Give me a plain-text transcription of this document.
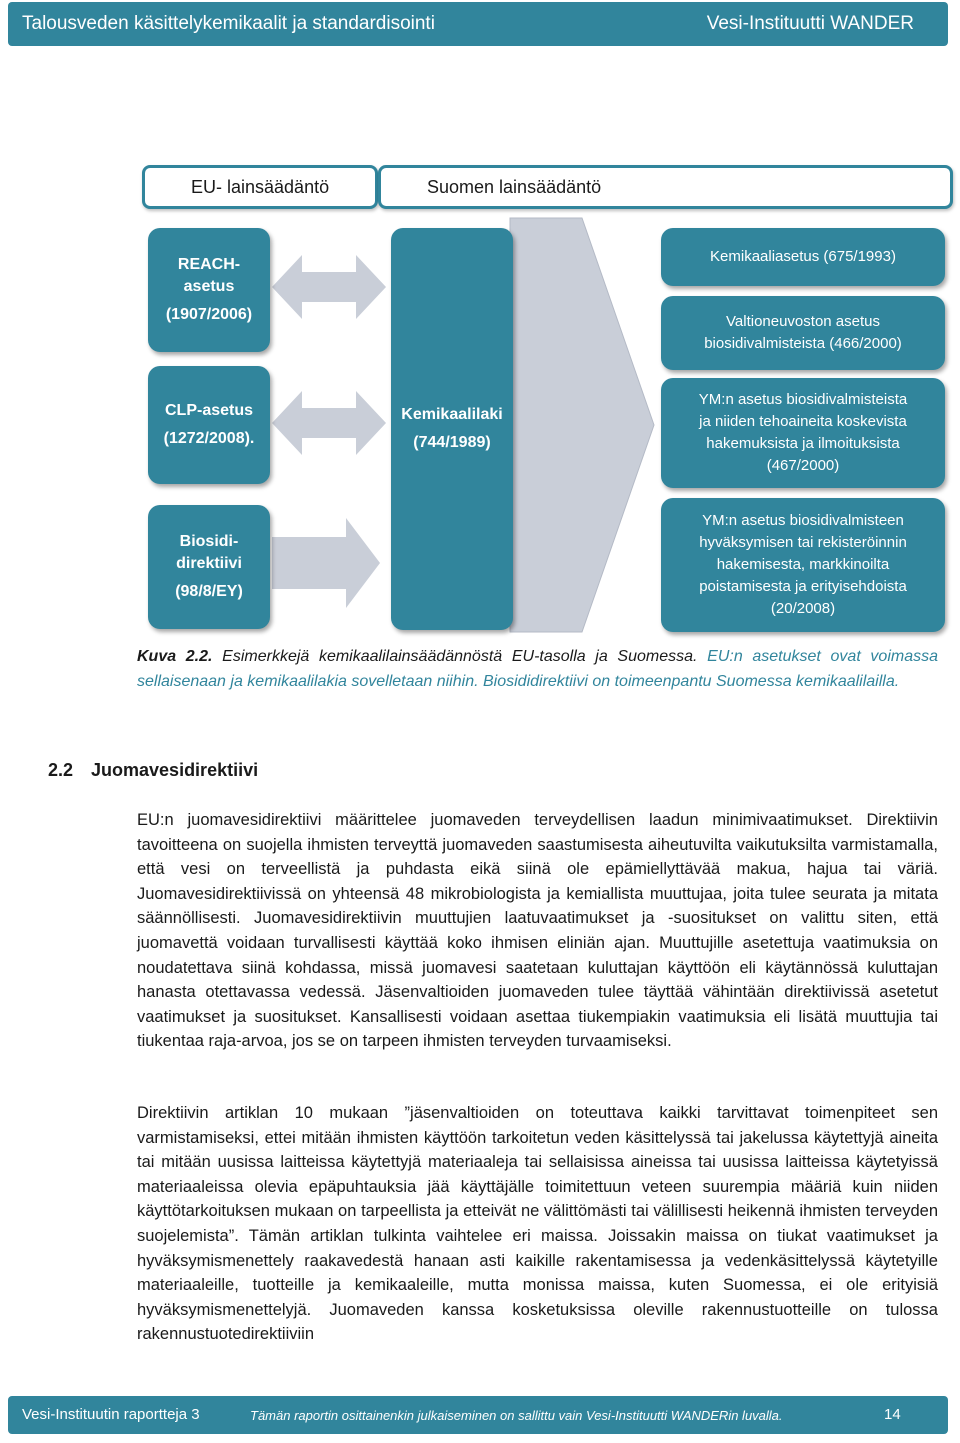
Talousveden käsittelykemikaalit ja standardisointi	Vesi-Instituutti WANDER
EU- lainsäädäntö	Suomen lainsäädäntö
REACH-
asetus
(1907/2006)
CLP-asetus
(1272/2008).
Biosidi-
direktiivi
(98/8/EY)
Kemikaalilaki
(744/1989)
Kemikaaliasetus (675/1993)
Valtioneuvoston asetus
biosidivalmisteista (466/2000)
YM:n asetus biosidivalmisteista
ja niiden tehoaineita koskevista
hakemuksista ja ilmoituksista
(467/2000)
YM:n asetus biosidivalmisteen
hyväksymisen tai rekisteröinnin
hakemisesta, markkinoilta
poistamisesta ja erityisehdoista
(20/2008)

Kuva 2.2. Esimerkkejä kemikaalilainsäädännöstä EU-tasolla ja Suomessa. EU:n asetukset ovat voimassa sellaisenaan ja kemikaalilakia sovelletaan niihin. Biosididirektiivi on toimeenpantu Suomessa kemikaalilailla.

2.2 Juomavesidirektiivi

EU:n juomavesidirektiivi määrittelee juomaveden terveydellisen laadun minimivaatimukset. Direktiivin tavoitteena on suojella ihmisten terveyttä juomaveden saastumisesta aiheutuvilta vaikutuksilta varmistamalla, että vesi on terveellistä ja puhdasta eikä siinä ole epämiellyttävää makua, hajua tai väriä. Juomavesidirektiivissä on yhteensä 48 mikrobiologista ja kemiallista muuttujaa, joita tulee seurata ja mitata säännöllisesti. Juomavesidirektiivin muuttujien laatuvaatimukset ja -suositukset on valittu siten, että juomavettä voidaan turvallisesti käyttää koko ihmisen eliniän ajan. Muuttujille asetettuja vaatimuksia on noudatettava siinä kohdassa, missä juomavesi saatetaan kuluttajan käyttöön eli käytännössä kuluttajan hanasta otettavassa vedessä. Jäsenvaltioiden juomaveden tulee täyttää vähintään direktiivissä asetetut vaatimukset ja suositukset. Kansallisesti voidaan asettaa tiukempiakin vaatimuksia eli lisätä muuttujia tai tiukentaa raja-arvoa, jos se on tarpeen ihmisten terveyden turvaamiseksi.

Direktiivin artiklan 10 mukaan ”jäsenvaltioiden on toteuttava kaikki tarvittavat toimenpiteet sen varmistamiseksi, ettei mitään ihmisten käyttöön tarkoitetun veden käsittelyssä tai jakelussa käytettyjä aineita tai mitään uusissa laitteissa käytettyjä materiaaleja tai sellaisissa aineissa tai uusissa laitteissa käytetyissä materiaaleissa olevia epäpuhtauksia jää käyttäjälle toimitettuun veteen suurempia määriä kuin niiden käyttötarkoituksen mukaan on tarpeellista ja etteivät ne välittömästi tai välillisesti heikennä ihmisten terveyden suojelemista”. Tämän artiklan tulkinta vaihtelee eri maissa. Joissakin maissa on tiukat vaatimukset ja hyväksymismenettely raakavedestä hanaan asti kaikille rakentamisessa ja vedenkäsittelyssä käytetyille materiaaleille, tuotteille ja kemikaaleille, mutta monissa maissa, kuten Suomessa, ei ole erityisiä hyväksymismenettelyjä. Juomaveden kanssa kosketuksissa oleville rakennustuotteille on tulossa rakennustuotedirektiiviin

Vesi-Instituutin raportteja 3	Tämän raportin osittainenkin julkaiseminen on sallittu vain Vesi-Instituutti WANDERin luvalla.	14
